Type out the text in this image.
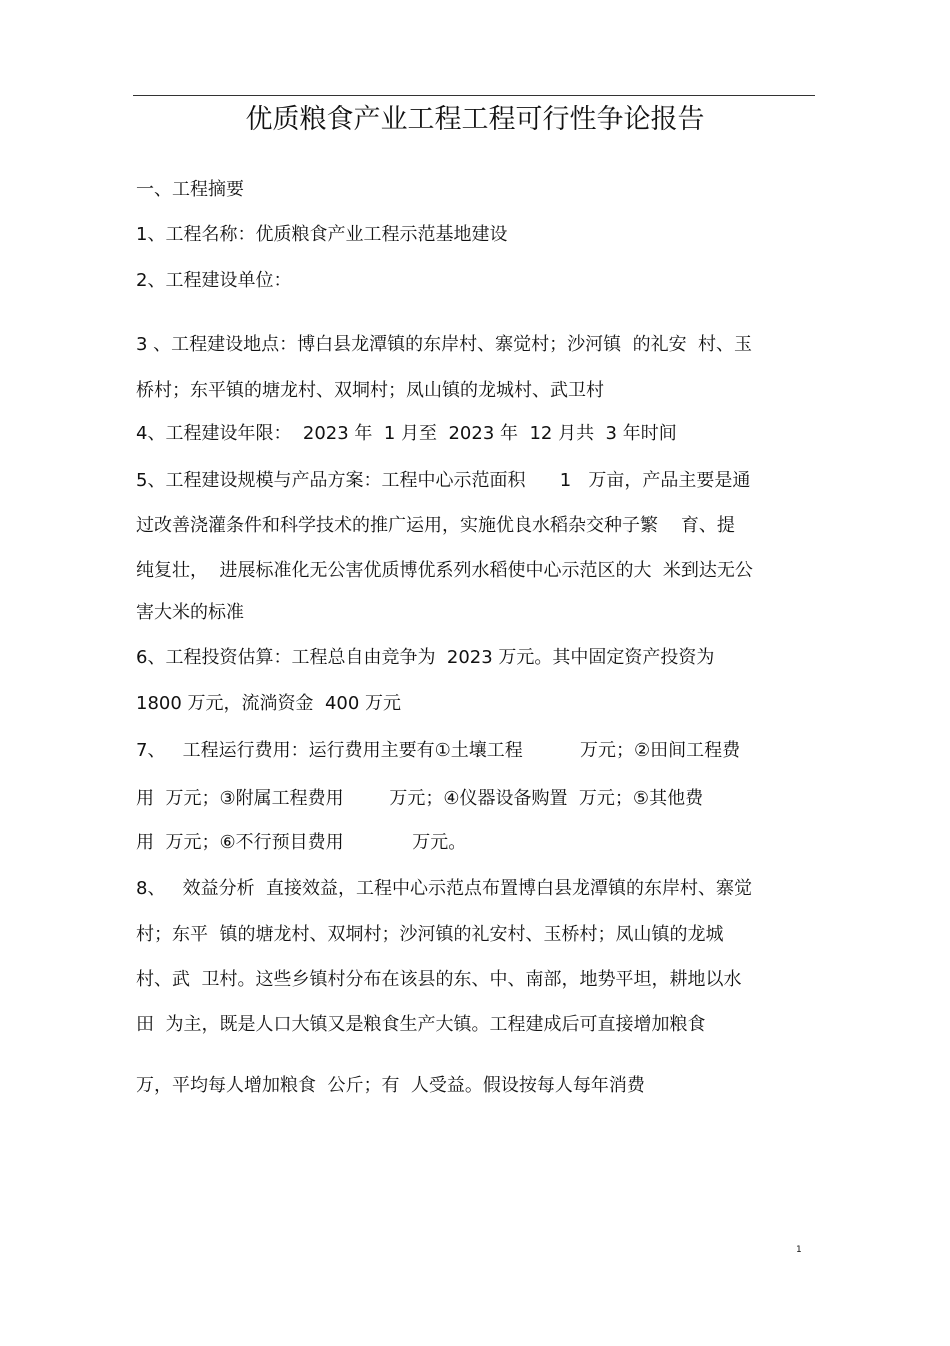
优质粮食产业工程工程可行性争论报告
一、工程摘要
1、工程名称：优质粮食产业工程示范基地建设
2、工程建设单位：
3 、工程建设地点：博白县龙潭镇的东岸村、寨觉村；沙河镇  的礼安  村、玉
桥村；东平镇的塘龙村、双垌村；凤山镇的龙城村、武卫村
4、工程建设年限：  2023 年  1 月至  2023 年  12 月共  3 年时间
5、工程建设规模与产品方案：工程中心示范面积      1   万亩，产品主要是通
过改善浇灌条件和科学技术的推广运用，实施优良水稻杂交种子繁    育、提
纯复壮，  进展标准化无公害优质博优系列水稻使中心示范区的大  米到达无公
害大米的标准
6、工程投资估算：工程总自由竞争为  2023 万元。其中固定资产投资为
1800 万元，流淌资金  400 万元
7、   工程运行费用：运行费用主要有①土壤工程          万元；②田间工程费
用  万元；③附属工程费用        万元；④仪器设备购置  万元；⑤其他费
用  万元；⑥不行预目费用            万元。
8、   效益分析  直接效益，工程中心示范点布置博白县龙潭镇的东岸村、寨觉
村；东平  镇的塘龙村、双垌村；沙河镇的礼安村、玉桥村；凤山镇的龙城
村、武  卫村。这些乡镇村分布在该县的东、中、南部，地势平坦，耕地以水
田  为主，既是人口大镇又是粮食生产大镇。工程建成后可直接增加粮食
万，平均每人增加粮食  公斤；有  人受益。假设按每人每年消费
1
